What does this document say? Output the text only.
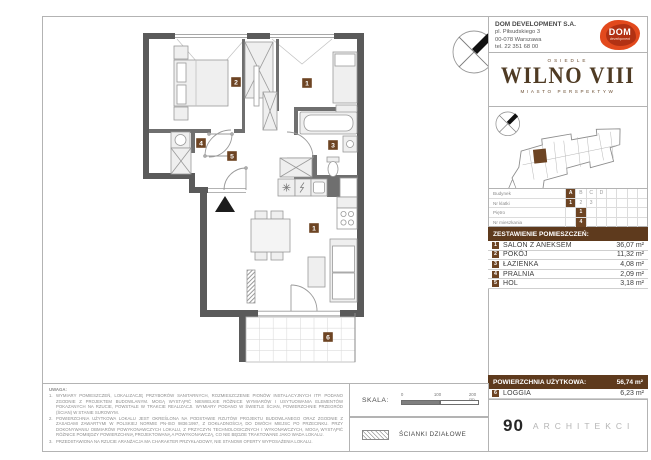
2	1
4	3
5
1
6
DOM DEVELOPMENT S.A.
pl. Piłsudskiego 3
00-078 Warszawa
tel. 22 351 68 00
DOM
development
OSIEDLE
WILNO VIII
MIASTO PERSPEKTYW
Budynek	A	B	C	D
Nr klatki	1	2	3
Piętro	1
Nr mieszkania	4
ZESTAWIENIE POMIESZCZEŃ:
1 SALON Z ANEKSEM	36,07 m²
2 POKÓJ	11,32 m²
3 ŁAZIENKA	4,08 m²
4 PRALNIA	2,09 m²
5 HOL	3,18 m²
POWIERZCHNIA UŻYTKOWA:	56,74 m²
6 LOGGIA	6,23 m²
90 ARCHITEKCI
UWAGA:
1. WYMIARY POMIESZCZEŃ, LOKALIZACJĘ PRZYBORÓW SANITARNYCH, ROZMIESZCZENIE PIONÓW INSTALACYJNYCH ITP. PODANO ZGODNIE Z PROJEKTEM BUDOWLANYM. MOGĄ WYSTĄPIĆ NIEWIELKIE RÓŻNICE WYMIARÓW I USYTUOWANIA ELEMENTÓW POKAZANYCH NA RZUCIE, POWSTAŁE W TRAKCIE REALIZACJI. WYMIARY PODANO W ŚWIETLE ŚCIAN, POWIERZCHNIE PRZEGRÓD (ŚCIAN) W STANIE SUROWYM.
2. POWIERZCHNIA UŻYTKOWA LOKALU JEST OKREŚLONA NA PODSTAWIE RZUTÓW PROJEKTU BUDOWLANEGO ORAZ ZGODNIE Z ZASADAMI ZAWARTYMI W POLSKIEJ NORMIE PN-ISO 9836:1997, Z DOKŁADNOŚCIĄ DO DWÓCH MIEJSC PO PRZECINKU. PRZY DOKONYWANIU OBMIARÓW POWYKONAWCZYCH LOKALU, Z PRZYCZYN TECHNOLOGICZNYCH I WYKONAWCZYCH, MOGĄ WYSTĄPIĆ RÓŻNICE POMIĘDZY POWIERZCHNIĄ PROJEKTOWANĄ A POWYKONAWCZĄ, CO NIE BĘDZIE TRAKTOWANE JAKO WADA LOKALU.
3. PRZEDSTAWIONA NA RZUCIE ARANŻACJA MA CHARAKTER PRZYKŁADOWY, NIE STANOWI OFERTY WYPOSAŻENIA LOKALU.
SKALA:
0	100	200
ŚCIANKI DZIAŁOWE
